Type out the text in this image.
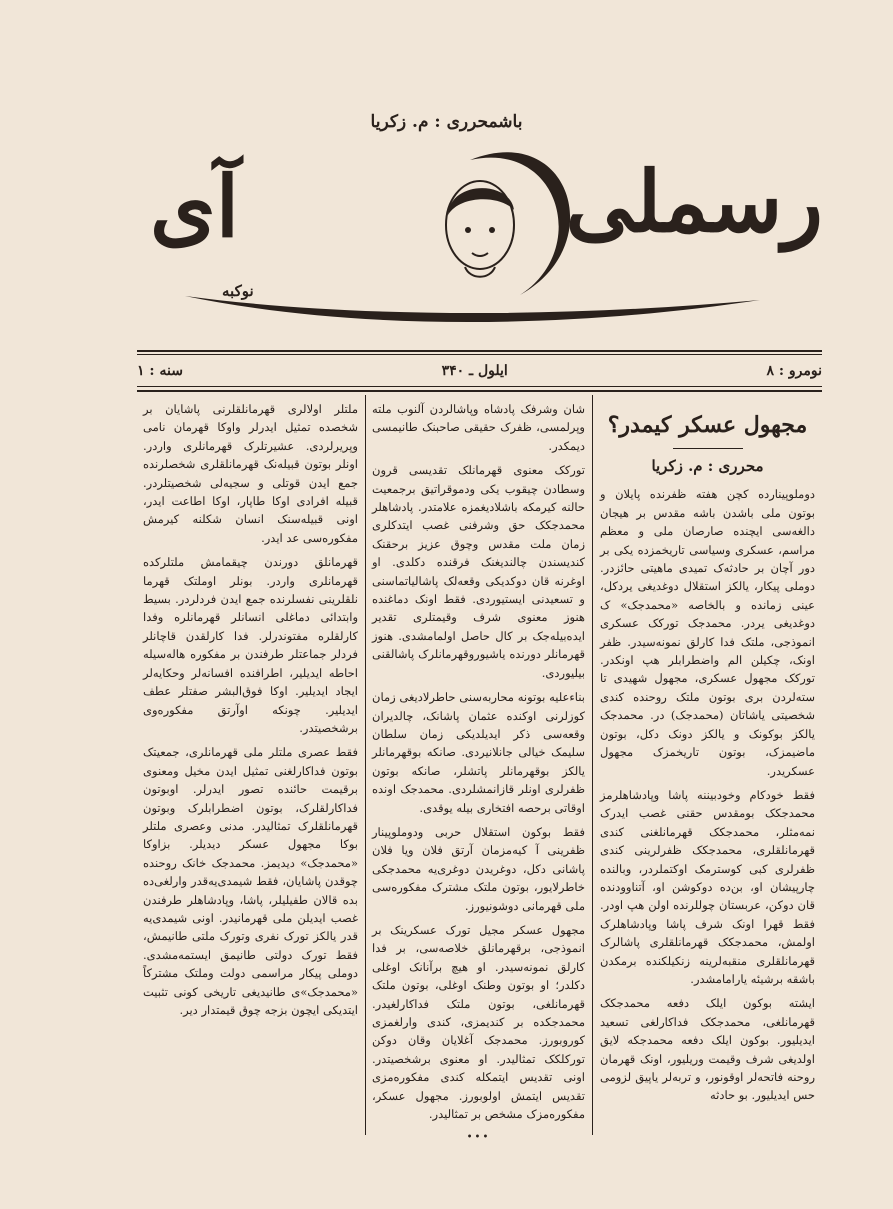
باشمحرری : م. زکریا
رسملی
آی
نوکبه
نومرو : ۸
ایلول ـ ۳۴۰
سنه : ۱
مجهول عسکر کیمدر؟
محرری : م. زکریا

دوملوپینارده کچن هفته ظفرنده پایلان و بوتون ملی باشدن باشه مقدس بر هیجان دالغه‌سی ایچنده صارصان ملی و معظم مراسم، عسکری وسیاسی تاریخمزده یکی بر دور آچان بر حادثه‌ک تمیدی ماهیتی حائزدر. دوملی پیکار، یالکز استقلال دوغدیغی یردکل، عینی زمانده و بالخاصه «محمدجک» ک دوغدیغی یردر. محمدجک تورکک عسکری انموذجی، ملتک فدا کارلق نمونه‌سیدر. ظفر اونک، چکیلن الم واضطرابلر هپ اونکدر. تورکک مجهول عسکری، مجهول شهیدی تا سته‌لردن بری بوتون ملتک روحنده کندی شخصیتی یاشاتان (محمدجک) در. محمدجک یالکز بوکونک و یالکز دونک دکل، بوتون ماضیمزک، بوتون تاریخمزک مجهول عسکریدر.

فقط خودکام وخودبیننه پاشا وپادشاهلرمز محمدجکک بومقدس حقنی غصب ایدرک نمه‌مثلر، محمدجکک قهرمانلغنی کندی قهرمانلقلری، محمدجکک ظفرلرینی کندی ظفرلری کبی کوسترمک اوکتملردر، وبالنده چارپیشان او، بن‌ده دوکوشن او، آتناوودنده قان دوکن، عربستان چوللرنده اولن هپ اودر. فقط قهرا اونک شرف پاشا وپادشاهلرک اولمش، محمدجکک قهرمانلقلری پاشالرک قهرمانلقلری منقبه‌لرینه زنکیلکنده برمکدن باشقه برشیئه یارامامشدر.

ایشته بوکون ایلک دفعه محمدجکک قهرمانلغی، محمدجکک فداکارلغی تسعید ایدیلیور. بوکون ایلک دفعه محمدجکه لایق اولدیغی شرف وقیمت وریلیور، اونک قهرمان روحنه فاتحه‌لر اوقونور، و تربه‌لر یاپیق لزومی حس ایدیلیور. بو حادثه

شان وشرفک پادشاه وپاشالردن آلنوب ملته وپرلمسی، ظفرک حقیقی صاحبنک طانیمسی دیمکدر.

تورکک معنوی قهرمانلک تقدیسی قرون وسطادن چیقوب یکی ودموقراتیق برجمعیت حالنه کیرمکه باشلادیغمزه علامتدر. پادشاهلر محمدجکک حق وشرفنی غصب ایتدکلری زمان ملت مقدس وچوق عزیز برحقنک کندیسندن چالندیغنک فرقنده دکلدی. او اوغرنه قان دوکدیکی وقعه‌لک پاشالیاتماسنی و تسعیدنی ایستیوردی. فقط اونک دماغنده هنوز معنوی شرف وقیمتلری تقدیر ایده‌بیله‌جک بر کال حاصل اولمامشدی. هنوز قهرمانلر دورنده یاشیوروقهرمانلرک پاشالقنی بیلیوردی.

بناءعلیه بوتونه محاربه‌سنی حاطرلادیغی زمان کوزلرنی اوکنده عثمان پاشانک، چالدیران وقعه‌سی ذکر ایدیلدیکی زمان سلطان سلیمک خیالی جانلانیردی. صانکه بوقهرمانلر یالکز بوقهرمانلر پاتشلر، صانکه بوتون ظفرلری اونلر قازانمشلردی. محمدجک اونده اوقاتی برحصه افتخاری بیله یوقدی.

فقط بوکون استقلال حربی ودوملوپینار ظفرینی آ کیه‌مزمان آرتق فلان ویا فلان پاشانی دکل، دوغریدن دوغری‌یه محمدجکی خاطرلایور، بوتون ملتک مشترک مفکوره‌سی ملی قهرمانی دوشونیورز.

مجهول عسکر مجیل تورک عسکرینک بر انموذجی، برقهرمانلق خلاصه‌سی، بر فدا کارلق نمونه‌سیدر. او هیچ برآنانک اوغلی دکلدر؛ او بوتون وطنک اوغلی، بوتون ملتک قهرمانلغی، بوتون ملتک فداکارلغیدر. محمدجکده بر کندیمزی، کندی وارلغمزی کوروبورز. محمدجک آغلایان وقان دوکن تورکلکک تمثالیدر. او معنوی برشخصیتدر. اونی تقدیس ایتمکله کندی مفکوره‌مزی تقدیس ایتمش اولوبورز. مجهول عسکر، مفکوره‌مزک مشخص بر تمثالیدر.

•••

ملتلر اولالری قهرمانلقلرنی پاشایان بر شخصده تمثیل ایدرلر واوکا قهرمان نامی وپریرلردی. عشیرتلرک قهرمانلری واردر. اونلر بوتون قبیله‌نک قهرمانلقلری شخصلرنده جمع ایدن قوتلی و سجیه‌لی شخصیتلردر. قبیله افرادی اوکا طاپار، اوکا اطاعت ایدر، اونی قبیله‌سنک انسان شکلنه کیرمش مفکوره‌سی عد ایدر.

قهرمانلق دورندن چیقمامش ملتلرکده قهرمانلری واردر. بونلر اوملتک قهرما نلقلرینی نفسلرنده جمع ایدن فردلردر. بسیط وابتدائی دماغلی انسانلر قهرمانلره وفدا کارلقلره مفتوندرلر. فدا کارلقدن قاچانلر فردلر جماعتلر طرفندن بر مفکوره هاله‌سیله احاطه ایدیلیر، اطرافنده افسانه‌لر وحکایه‌لر ایجاد ایدیلیر. اوکا فوق‌البشر صفتلر عطف ایدیلیر. چونکه اوآرتق مفکوره‌وی برشخصیتدر.

فقط عصری ملتلر ملی قهرمانلری، جمعیتک بوتون فداکارلغنی تمثیل ایدن مخیل ومعنوی برقیمت حائنده تصور ایدرلر. اوبوتون فداکارلقلرک، بوتون اضطرابلرک وبوتون قهرمانلقلرک تمثالیدر. مدنی وعصری ملتلر بوکا مجهول عسکر دیدیلر. بزاوکا «محمدجک» دیدیمز. محمدجک خانک روحنده چوقدن پاشایان، فقط شیمدی‌یه‌قدر وارلغی‌ده بده قالان طفیلیلر، پاشا، وپادشاهلر طرفندن غصب ایدیلن ملی قهرمانیدر. اونی شیمدی‌یه قدر یالکز تورک نفری وتورک ملتی طانیمش، فقط تورک دولتی طانیمق ایستمه‌مشدی. دوملی پیکار مراسمی دولت وملتک مشترکاً «محمدجک»ی طانیدیغی تاریخی کونی تثبیت ایتدیکی ایچون بزجه چوق قیمتدار دیر.
